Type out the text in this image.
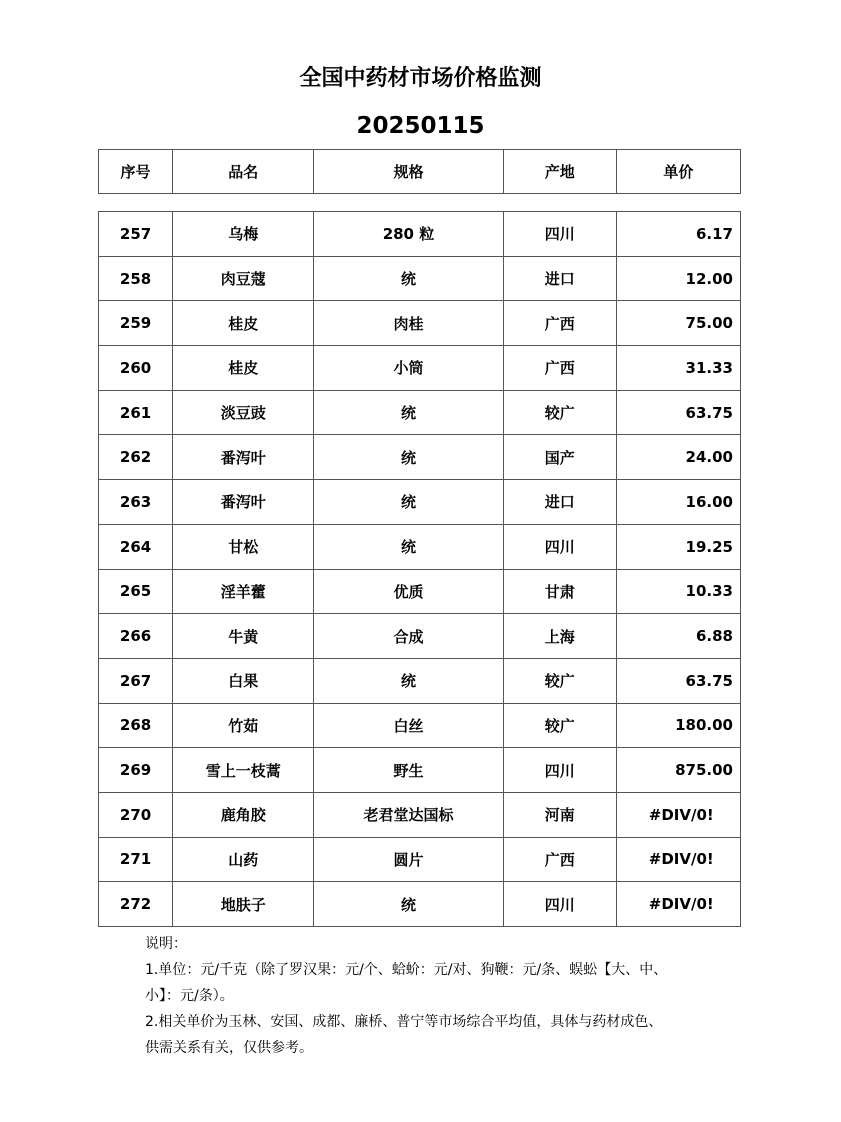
全国中药材市场价格监测
20250115
序号	品名	规格	产地	单价
257	乌梅	280 粒	四川	6.17
258	肉豆蔻	统	进口	12.00
259	桂皮	肉桂	广西	75.00
260	桂皮	小筒	广西	31.33
261	淡豆豉	统	较广	63.75
262	番泻叶	统	国产	24.00
263	番泻叶	统	进口	16.00
264	甘松	统	四川	19.25
265	淫羊藿	优质	甘肃	10.33
266	牛黄	合成	上海	6.88
267	白果	统	较广	63.75
268	竹茹	白丝	较广	180.00
269	雪上一枝蒿	野生	四川	875.00
270	鹿角胶	老君堂达国标	河南	#DIV/0!
271	山药	圆片	广西	#DIV/0!
272	地肤子	统	四川	#DIV/0!

说明：

1.单位：元/千克（除了罗汉果：元/个、蛤蚧：元/对、狗鞭：元/条、蜈蚣【大、中、

小】：元/条）。

2.相关单价为玉林、安国、成都、廉桥、普宁等市场综合平均值，具体与药材成色、

供需关系有关，仅供参考。
